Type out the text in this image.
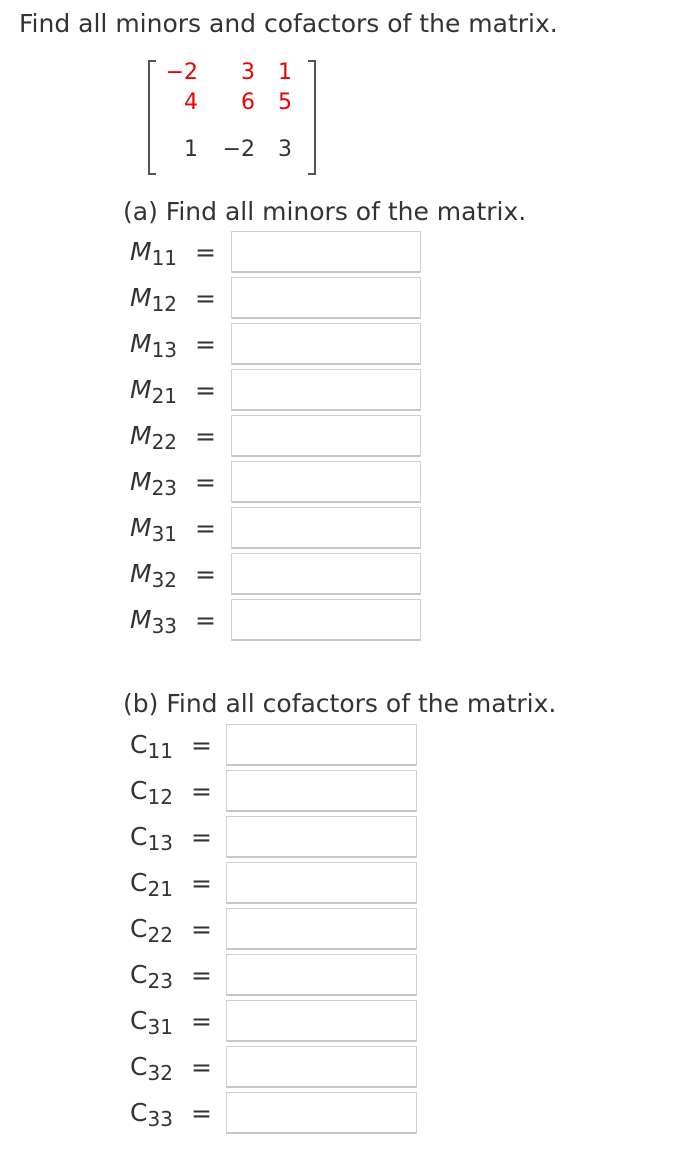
Find all minors and cofactors of the matrix.
−2	3	1
4	6	5
1	−2	3
(a) Find all minors of the matrix.
$M_{11}$ =
$M_{12}$ =
$M_{13}$ =
$M_{21}$ =
$M_{22}$ =
$M_{23}$ =
$M_{31}$ =
$M_{32}$ =
$M_{33}$ =
(b) Find all cofactors of the matrix.
$C_{11}$ =
$C_{12}$ =
$C_{13}$ =
$C_{21}$ =
$C_{22}$ =
$C_{23}$ =
$C_{31}$ =
$C_{32}$ =
$C_{33}$ =
